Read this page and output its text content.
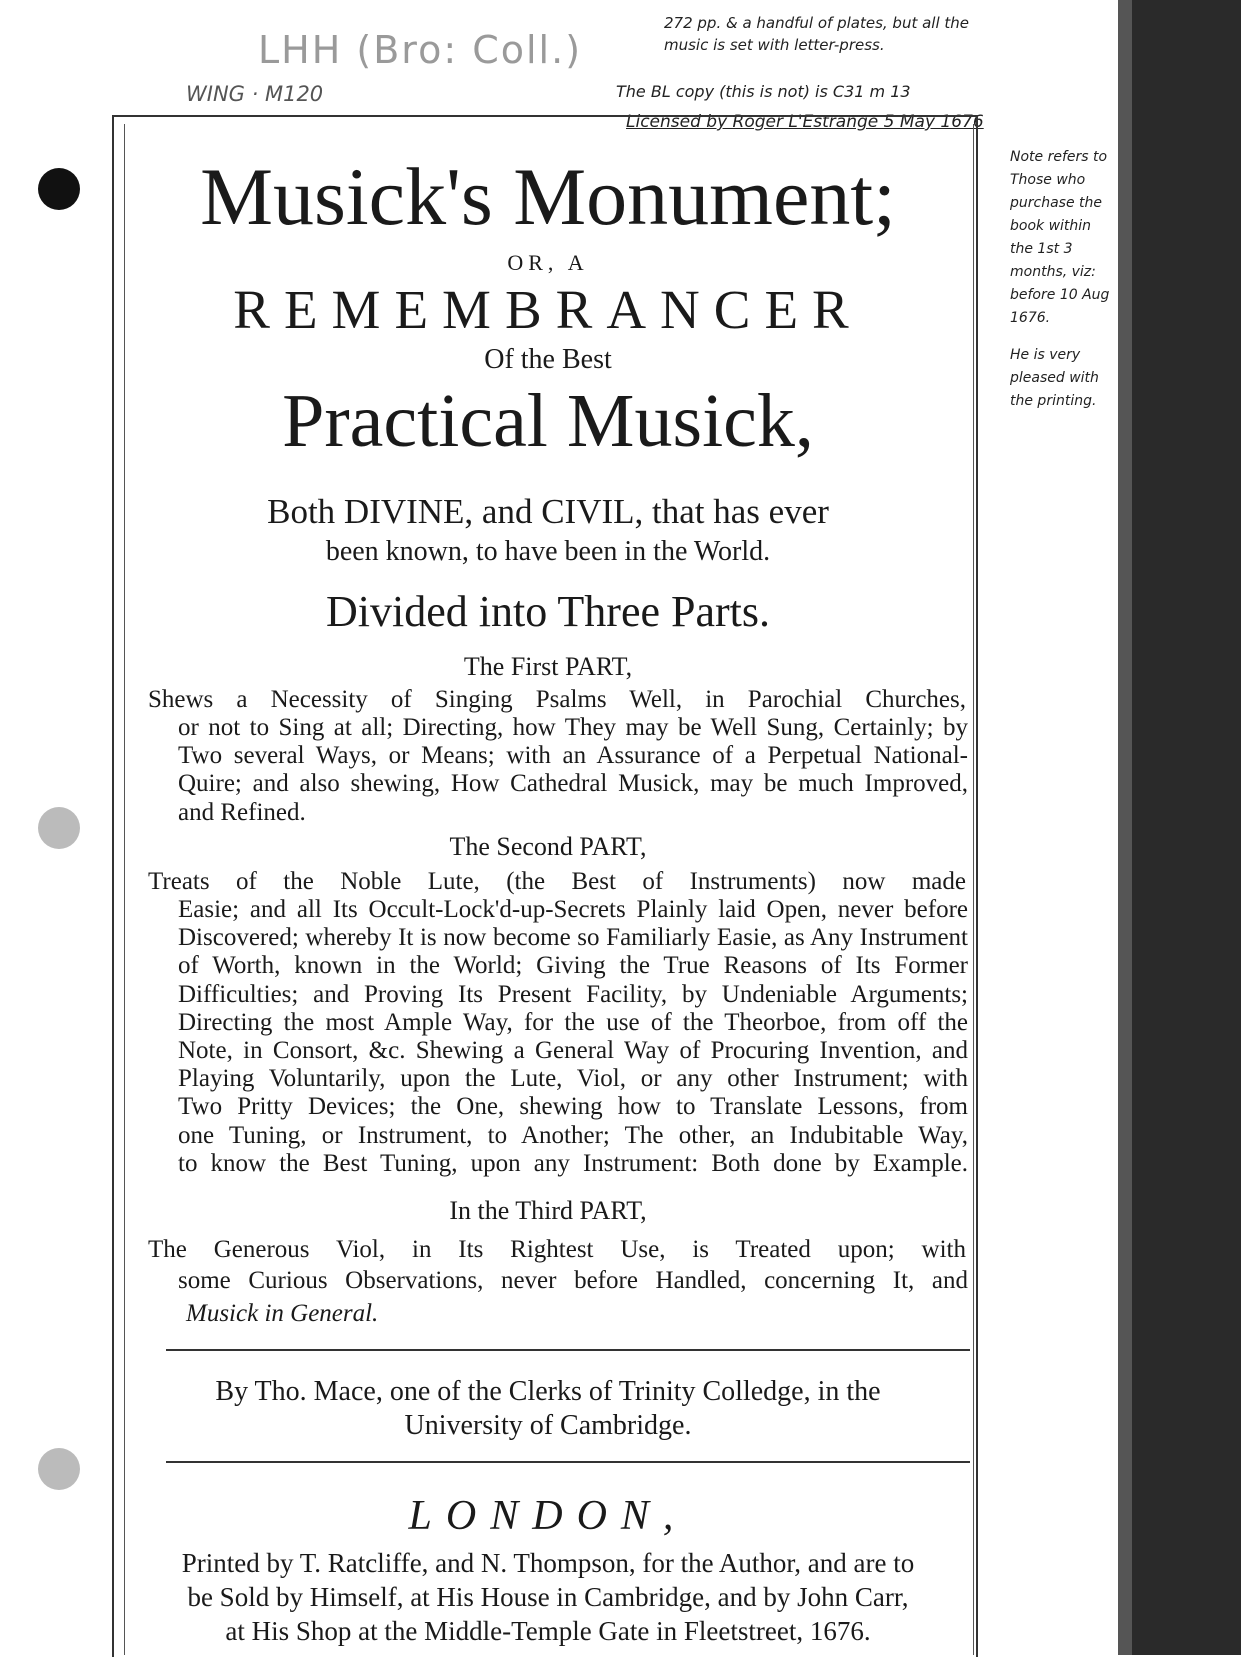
LHH (Bro: Coll.)
WING · M120
272 pp. & a handful of plates, but all the music is set with letter-press.
The BL copy (this is not) is C31 m 13
Licensed by Roger L'Estrange 5 May 1676
Note refers to Those who purchase the book within the 1st 3 months, viz: before 10 Aug 1676.
He is very pleased with the printing.
Musick's Monument;
OR, A
REMEMBRANCER
Of the Best
Practical Musick,
Both DIVINE, and CIVIL, that has ever
been known, to have been in the World.
Divided into Three Parts.
The First PART,
Shews a Necessity of Singing Psalms Well, in Parochial Churches,
or not to Sing at all; Directing, how They may be Well Sung, Certainly; by
Two several Ways, or Means; with an Assurance of a Perpetual National-
Quire; and also shewing, How Cathedral Musick, may be much Improved,
and Refined.
The Second PART,
Treats of the Noble Lute, (the Best of Instruments) now made
Easie; and all Its Occult-Lock'd-up-Secrets Plainly laid Open, never before
Discovered; whereby It is now become so Familiarly Easie, as Any Instrument
of Worth, known in the World; Giving the True Reasons of Its Former
Difficulties; and Proving Its Present Facility, by Undeniable Arguments;
Directing the most Ample Way, for the use of the Theorboe, from off the
Note, in Consort, &c. Shewing a General Way of Procuring Invention, and
Playing Voluntarily, upon the Lute, Viol, or any other Instrument; with
Two Pritty Devices; the One, shewing how to Translate Lessons, from
one Tuning, or Instrument, to Another; The other, an Indubitable Way,
to know the Best Tuning, upon any Instrument: Both done by Example.
In the Third PART,
The Generous Viol, in Its Rightest Use, is Treated upon; with
some Curious Observations, never before Handled, concerning It, and
Musick in General.
By Tho. Mace, one of the Clerks of Trinity Colledge, in the
University of Cambridge.
LONDON,
Printed by T. Ratcliffe, and N. Thompson, for the Author, and are to
be Sold by Himself, at His House in Cambridge, and by John Carr,
at His Shop at the Middle-Temple Gate in Fleetstreet, 1676.
